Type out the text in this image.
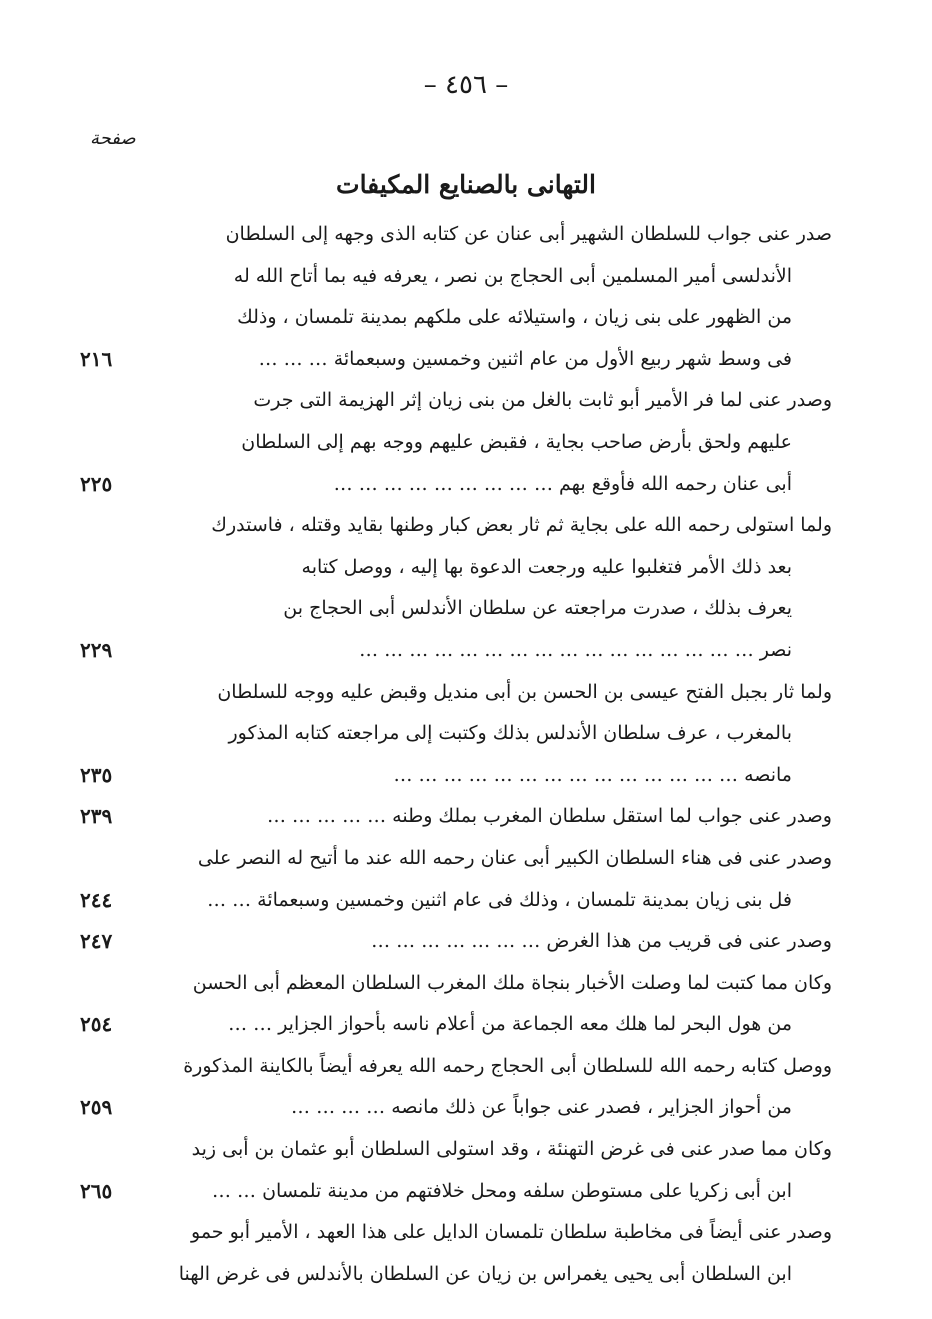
– ٤٥٦ –
صفحة
التهانى بالصنايع المكيفات
صدر عنى جواب للسلطان الشهير أبى عنان عن كتابه الذى وجهه إلى السلطان
الأندلسى أمير المسلمين أبى الحجاج بن نصر ، يعرفه فيه بما أتاح الله له
من الظهور على بنى زيان ، واستيلائه على ملكهم بمدينة تلمسان ، وذلك
فى وسط شهر ربيع الأول من عام اثنين وخمسين وسبعمائة … … …
٢١٦
وصدر عنى لما فر الأمير أبو ثابت بالغل من بنى زيان إثر الهزيمة التى جرت
عليهم ولحق بأرض صاحب بجاية ، فقبض عليهم ووجه بهم إلى السلطان
أبى عنان رحمه الله فأوقع بهم … … … … … … … … …
٢٢٥
ولما استولى رحمه الله على بجاية ثم ثار بعض كبار وطنها بقايد وقتله ، فاستدرك
بعد ذلك الأمر فتغلبوا عليه ورجعت الدعوة بها إليه ، ووصل كتابه
يعرف بذلك ، صدرت مراجعته عن سلطان الأندلس أبى الحجاج بن
نصر … … … … … … … … … … … … … … … …
٢٢٩
ولما ثار بجبل الفتح عيسى بن الحسن بن أبى منديل وقبض عليه ووجه للسلطان
بالمغرب ، عرف سلطان الأندلس بذلك وكتبت إلى مراجعته كتابه المذكور
مانصه … … … … … … … … … … … … … …
٢٣٥
وصدر عنى جواب لما استقل سلطان المغرب بملك وطنه … … … … …
٢٣٩
وصدر عنى فى هناء السلطان الكبير أبى عنان رحمه الله عند ما أتيح له النصر على
فل بنى زيان بمدينة تلمسان ، وذلك فى عام اثنين وخمسين وسبعمائة … …
٢٤٤
وصدر عنى فى قريب من هذا الغرض … … … … … … …
٢٤٧
وكان مما كتبت لما وصلت الأخبار بنجاة ملك المغرب السلطان المعظم أبى الحسن
من هول البحر لما هلك معه الجماعة من أعلام ناسه بأحواز الجزاير … …
٢٥٤
ووصل كتابه رحمه الله للسلطان أبى الحجاج رحمه الله يعرفه أيضاً بالكاينة المذكورة
من أحواز الجزاير ، فصدر عنى جواباً عن ذلك مانصه … … … …
٢٥٩
وكان مما صدر عنى فى غرض التهنئة ، وقد استولى السلطان أبو عثمان بن أبى زيد
ابن أبى زكريا على مستوطن سلفه ومحل خلافتهم من مدينة تلمسان … …
٢٦٥
وصدر عنى أيضاً فى مخاطبة سلطان تلمسان الدايل على هذا العهد ، الأمير أبو حمو
ابن السلطان أبى يحيى يغمراس بن زيان عن السلطان بالأندلس فى غرض الهنا
